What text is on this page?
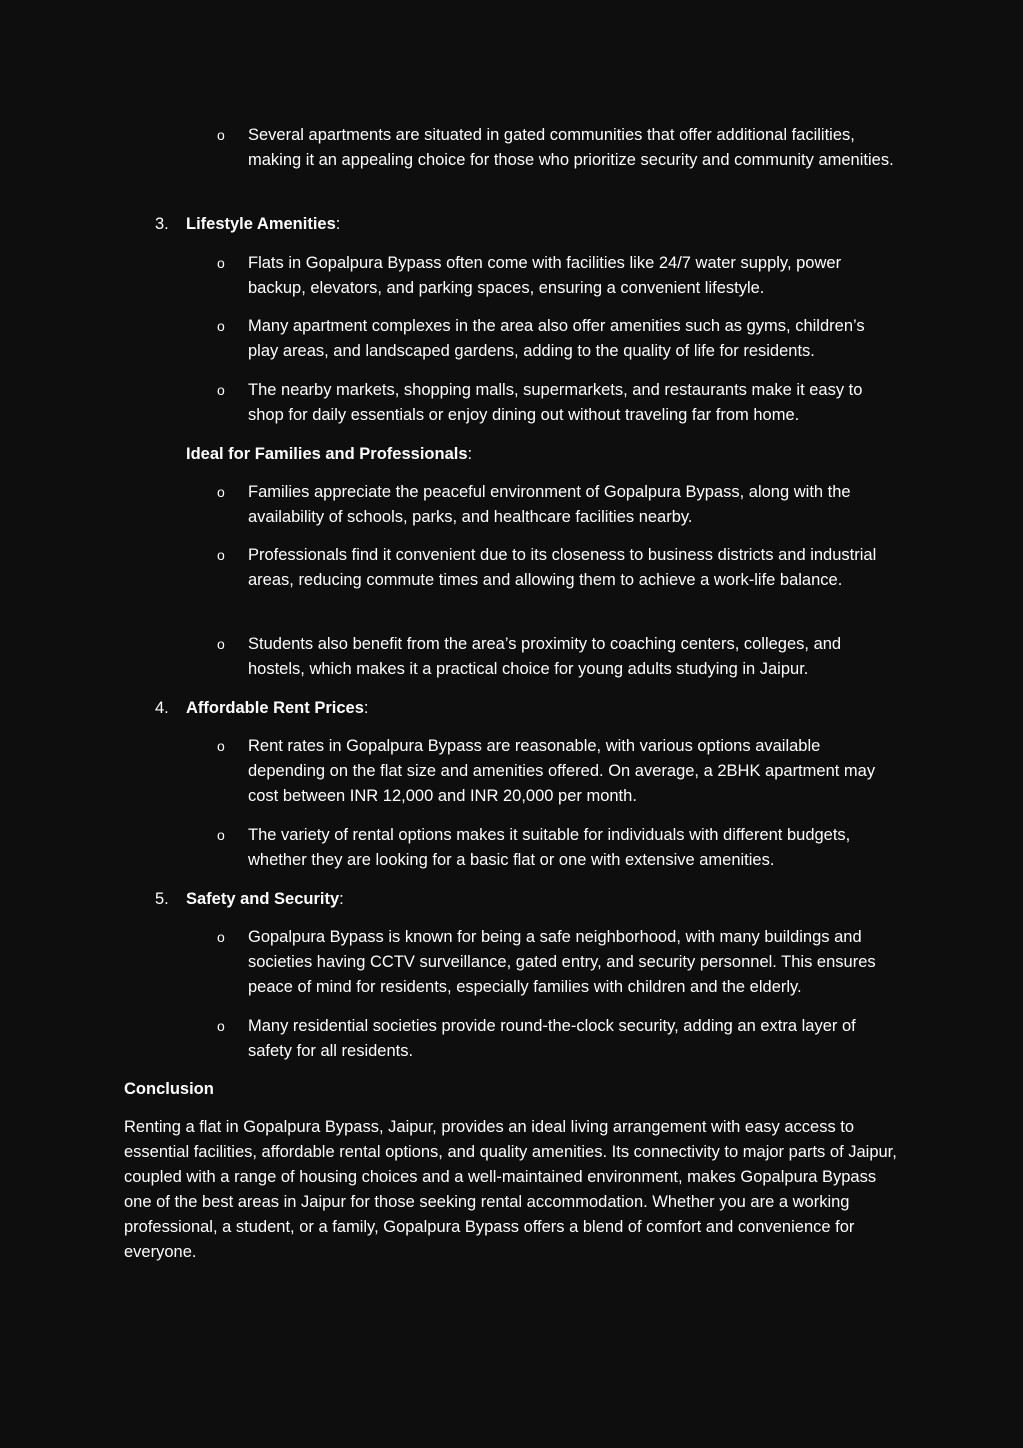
o Several apartments are situated in gated communities that offer additional facilities, making it an appealing choice for those who prioritize security and community amenities.
3. Lifestyle Amenities:
o Flats in Gopalpura Bypass often come with facilities like 24/7 water supply, power backup, elevators, and parking spaces, ensuring a convenient lifestyle.
o Many apartment complexes in the area also offer amenities such as gyms, children’s play areas, and landscaped gardens, adding to the quality of life for residents.
o The nearby markets, shopping malls, supermarkets, and restaurants make it easy to shop for daily essentials or enjoy dining out without traveling far from home.
Ideal for Families and Professionals:
o Families appreciate the peaceful environment of Gopalpura Bypass, along with the availability of schools, parks, and healthcare facilities nearby.
o Professionals find it convenient due to its closeness to business districts and industrial areas, reducing commute times and allowing them to achieve a work-life balance.
o Students also benefit from the area’s proximity to coaching centers, colleges, and hostels, which makes it a practical choice for young adults studying in Jaipur.
4. Affordable Rent Prices:
o Rent rates in Gopalpura Bypass are reasonable, with various options available depending on the flat size and amenities offered. On average, a 2BHK apartment may cost between INR 12,000 and INR 20,000 per month.
o The variety of rental options makes it suitable for individuals with different budgets, whether they are looking for a basic flat or one with extensive amenities.
5. Safety and Security:
o Gopalpura Bypass is known for being a safe neighborhood, with many buildings and societies having CCTV surveillance, gated entry, and security personnel. This ensures peace of mind for residents, especially families with children and the elderly.
o Many residential societies provide round-the-clock security, adding an extra layer of safety for all residents.
Conclusion
Renting a flat in Gopalpura Bypass, Jaipur, provides an ideal living arrangement with easy access to essential facilities, affordable rental options, and quality amenities. Its connectivity to major parts of Jaipur, coupled with a range of housing choices and a well-maintained environment, makes Gopalpura Bypass one of the best areas in Jaipur for those seeking rental accommodation. Whether you are a working professional, a student, or a family, Gopalpura Bypass offers a blend of comfort and convenience for everyone.
